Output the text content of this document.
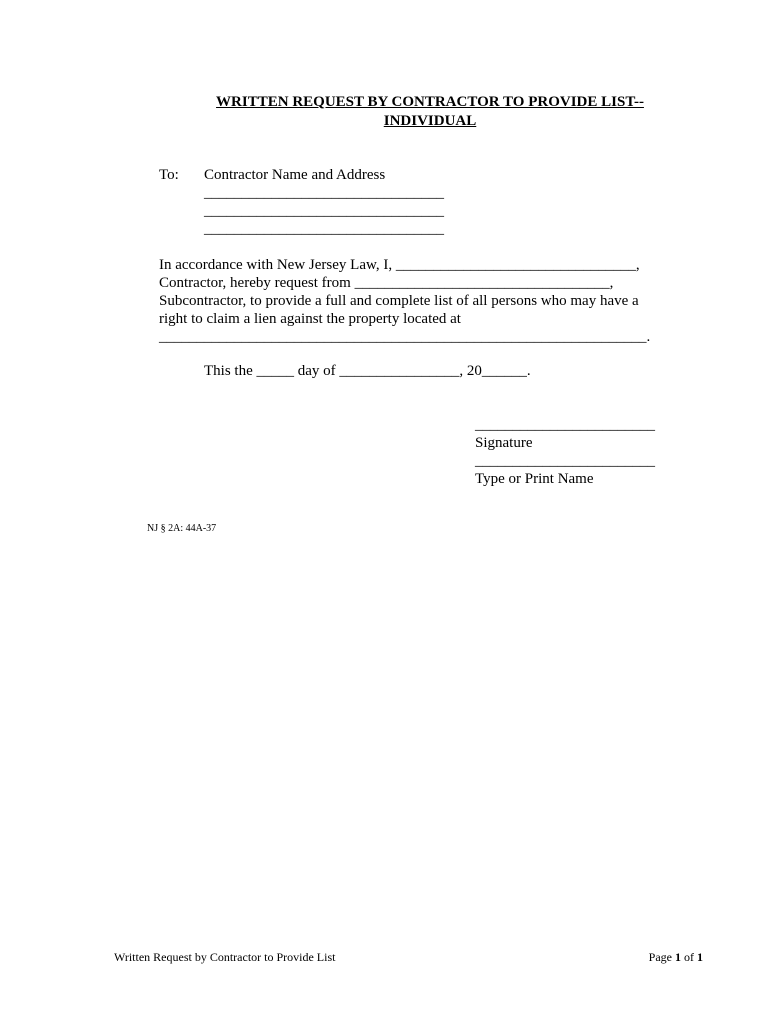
WRITTEN REQUEST BY CONTRACTOR TO PROVIDE LIST--
INDIVIDUAL
To: Contractor Name and Address
________________________________
________________________________
________________________________
In accordance with New Jersey Law, I, ________________________________,
Contractor, hereby request from __________________________________,
Subcontractor, to provide a full and complete list of all persons who may have a
right to claim a lien against the property located at
_________________________________________________________________.
This the _____ day of ________________, 20______.
________________________
Signature
________________________
Type or Print Name
NJ § 2A: 44A-37
Written Request by Contractor to Provide List	Page 1 of 1
